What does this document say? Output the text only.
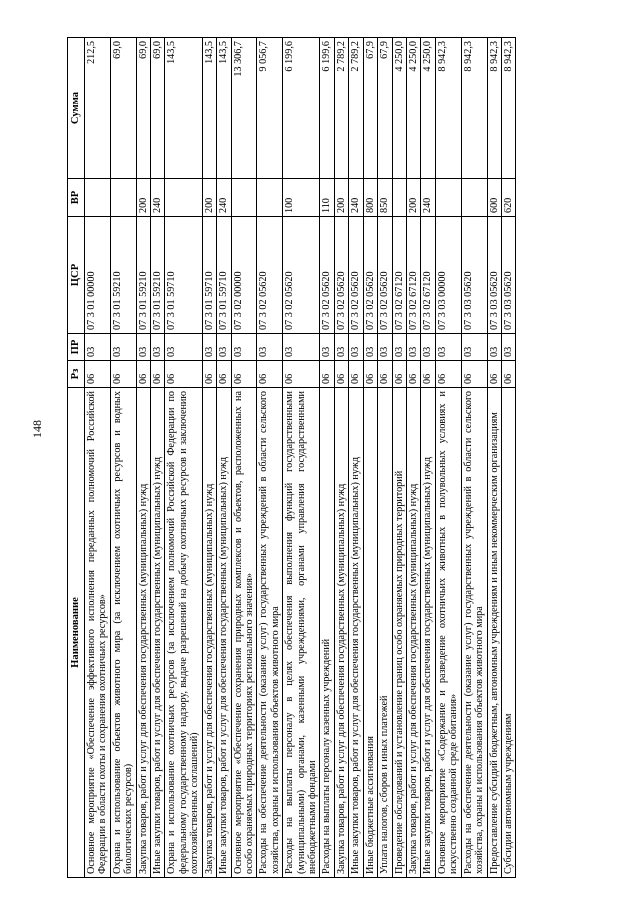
148
Наименование	Рз	ПР	ЦСР	ВР	Сумма
Основное мероприятие «Обеспечение эффективного исполнения переданных полномочий Российской Федерации в области охоты и сохранения охотничьих ресурсов»	06	03	07 3 01 00000		212,5
Охрана и использование объектов животного мира (за исключением охотничьих ресурсов и водных биологических ресурсов)	06	03	07 3 01 59210		69,0
Закупка товаров, работ и услуг для обеспечения государственных (муниципальных) нужд	06	03	07 3 01 59210	200	69,0
Иные закупки товаров, работ и услуг для обеспечения государственных (муниципальных) нужд	06	03	07 3 01 59210	240	69,0
Охрана и использование охотничьих ресурсов (за исключением полномочий Российской Федерации по федеральному государственному надзору, выдаче разрешений на добычу охотничьих ресурсов и заключению охотхозяйственных соглашений)	06	03	07 3 01 59710		143,5
Закупка товаров, работ и услуг для обеспечения государственных (муниципальных) нужд	06	03	07 3 01 59710	200	143,5
Иные закупки товаров, работ и услуг для обеспечения государственных (муниципальных) нужд	06	03	07 3 01 59710	240	143,5
Основное мероприятие «Обеспечение сохранения природных комплексов и объектов, расположенных на особо охраняемых природных территориях регионального значения»	06	03	07 3 02 00000		13 306,7
Расходы на обеспечение деятельности (оказание услуг) государственных учреждений в области сельского хозяйства, охраны и использования объектов животного мира	06	03	07 3 02 05620		9 056,7
Расходы на выплаты персоналу в целях обеспечения выполнения функций государственными (муниципальными) органами, казенными учреждениями, органами управления государственными внебюджетными фондами	06	03	07 3 02 05620	100	6 199,6
Расходы на выплаты персоналу казенных учреждений	06	03	07 3 02 05620	110	6 199,6
Закупка товаров, работ и услуг для обеспечения государственных (муниципальных) нужд	06	03	07 3 02 05620	200	2 789,2
Иные закупки товаров, работ и услуг для обеспечения государственных (муниципальных) нужд	06	03	07 3 02 05620	240	2 789,2
Иные бюджетные ассигнования	06	03	07 3 02 05620	800	67,9
Уплата налогов, сборов и иных платежей	06	03	07 3 02 05620	850	67,9
Проведение обследований и установление границ особо охраняемых природных территорий	06	03	07 3 02 67120		4 250,0
Закупка товаров, работ и услуг для обеспечения государственных (муниципальных) нужд	06	03	07 3 02 67120	200	4 250,0
Иные закупки товаров, работ и услуг для обеспечения государственных (муниципальных) нужд	06	03	07 3 02 67120	240	4 250,0
Основное мероприятие «Содержание и разведение охотничьих животных в полувольных условиях и искусственно созданной среде обитания»	06	03	07 3 03 00000		8 942,3
Расходы на обеспечение деятельности (оказание услуг) государственных учреждений в области сельского хозяйства, охраны и использования объектов животного мира	06	03	07 3 03 05620		8 942,3
Предоставление субсидий бюджетным, автономным учреждениям и иным некоммерческим организациям	06	03	07 3 03 05620	600	8 942,3
Субсидии автономным учреждениям	06	03	07 3 03 05620	620	8 942,3
